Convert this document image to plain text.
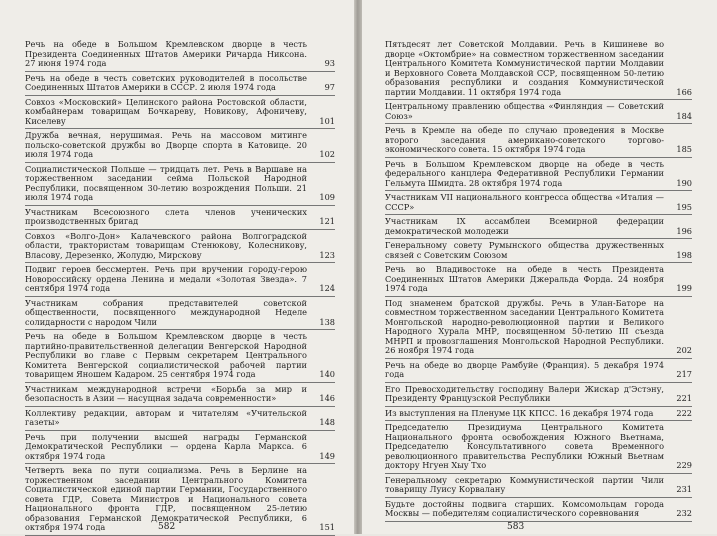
Речь на обеде в Большом Кремлевском дворце в честь Президента Соединенных Штатов Америки Ричарда Никсона. 27 июня 1974 года	93
Речь на обеде в честь советских руководителей в посольстве Соединенных Штатов Америки в СССР. 2 июля 1974 года	97
Совхоз «Московский» Целинского района Ростовской области, комбайнерам товарищам Бочкареву, Новикову, Афоничеву, Киселеву	101
Дружба вечная, нерушимая. Речь на массовом митинге польско-советской дружбы во Дворце спорта в Катовице. 20 июля 1974 года	102
Социалистической Польше — тридцать лет. Речь в Варшаве на торжественном заседании сейма Польской Народной Республики, посвященном 30-летию возрождения Польши. 21 июля 1974 года	109
Участникам Всесоюзного слета членов ученических производственных бригад	121
Совхоз «Волго-Дон» Калачевского района Волгоградской области, трактористам товарищам Стенюкову, Колесникову, Власову, Дерезенко, Жолудю, Мирскову	123
Подвиг героев бессмертен. Речь при вручении городу-герою Новороссийску ордена Ленина и медали «Золотая Звезда». 7 сентября 1974 года	124
Участникам собрания представителей советской общественности, посвященного международной Неделе солидарности с народом Чили	138
Речь на обеде в Большом Кремлевском дворце в честь партийно-правительственной делегации Венгерской Народной Республики во главе с Первым секретарем Центрального Комитета Венгерской социалистической рабочей партии товарищем Яношем Кадаром. 25 сентября 1974 года	140
Участникам международной встречи «Борьба за мир и безопасность в Азии — насущная задача современности»	146
Коллективу редакции, авторам и читателям «Учительской газеты»	148
Речь при получении высшей награды Германской Демократической Республики — ордена Карла Маркса. 6 октября 1974 года	149
Четверть века по пути социализма. Речь в Берлине на торжественном заседании Центрального Комитета Социалистической единой партии Германии, Государственного совета ГДР, Совета Министров и Национального совета Национального фронта ГДР, посвященном 25-летию образования Германской Демократической Республики, 6 октября 1974 года	151
582
Пятьдесят лет Советской Молдавии. Речь в Кишиневе во дворце «Октомбрие» на совместном торжественном заседании Центрального Комитета Коммунистической партии Молдавии и Верховного Совета Молдавской ССР, посвященном 50-летию образования республики и создания Коммунистической партии Молдавии. 11 октября 1974 года	166
Центральному правлению общества «Финляндия — Советский Союз»	184
Речь в Кремле на обеде по случаю проведения в Москве второго заседания американо-советского торгово-экономического совета. 15 октября 1974 года	185
Речь в Большом Кремлевском дворце на обеде в честь федерального канцлера Федеративной Республики Германии Гельмута Шмидта. 28 октября 1974 года	190
Участникам VII национального конгресса общества «Италия — СССР»	195
Участникам IX ассамблеи Всемирной федерации демократической молодежи	196
Генеральному совету Румынского общества дружественных связей с Советским Союзом	198
Речь во Владивостоке на обеде в честь Президента Соединенных Штатов Америки Джеральда Форда. 24 ноября 1974 года	199
Под знаменем братской дружбы. Речь в Улан-Баторе на совместном торжественном заседании Центрального Комитета Монгольской народно-революционной партии и Великого Народного Хурала МНР, посвященном 50-летию III съезда МНРП и провозглашения Монгольской Народной Республики. 26 ноября 1974 года	202
Речь на обеде во дворце Рамбуйе (Франция). 5 декабря 1974 года	217
Его Превосходительству господину Валери Жискар д'Эстэну, Президенту Французской Республики	221
Из выступления на Пленуме ЦК КПСС. 16 декабря 1974 года	222
Председателю Президиума Центрального Комитета Национального фронта освобождения Южного Вьетнама, Председателю Консультативного совета Временного революционного правительства Республики Южный Вьетнам доктору Нгуен Хыу Тхо	229
Генеральному секретарю Коммунистической партии Чили товарищу Луису Корвалану	231
Будьте достойны подвига старших. Комсомольцам города Москвы — победителям социалистического соревнования	232
583
